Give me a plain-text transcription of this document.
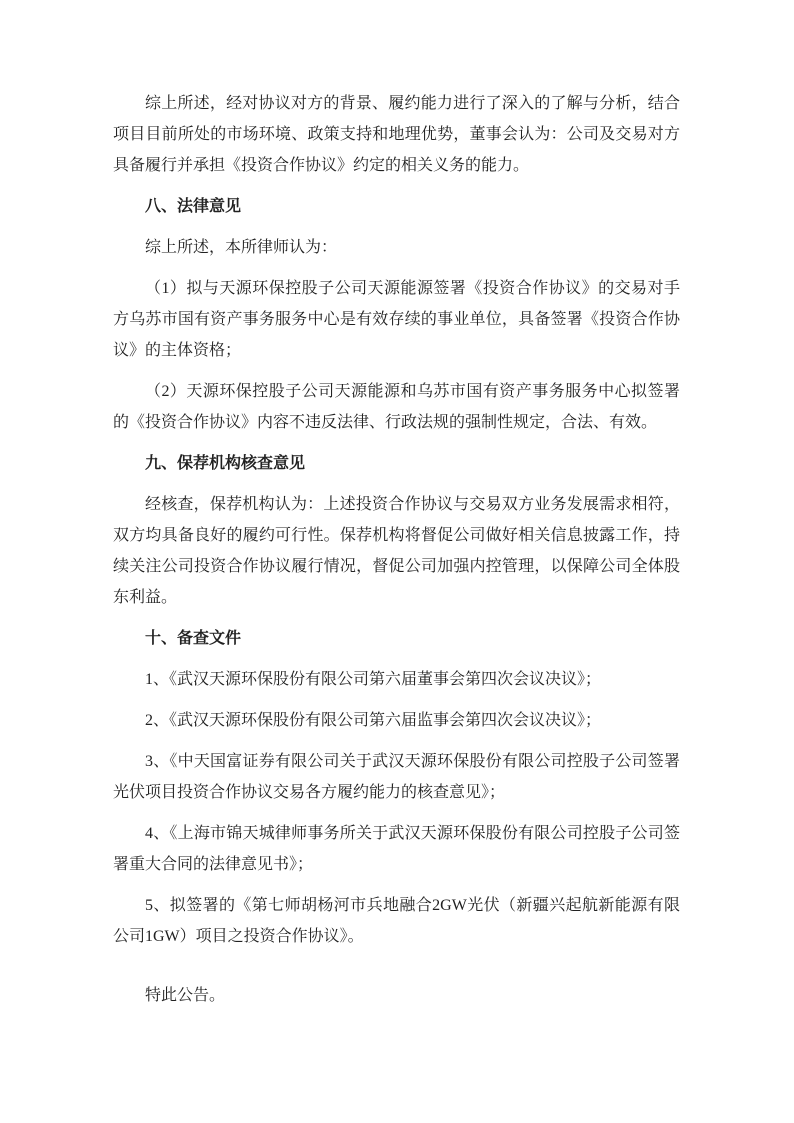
综上所述，经对协议对方的背景、履约能力进行了深入的了解与分析，结合项目目前所处的市场环境、政策支持和地理优势，董事会认为：公司及交易对方具备履行并承担《投资合作协议》约定的相关义务的能力。

八、法律意见

综上所述，本所律师认为：

（1）拟与天源环保控股子公司天源能源签署《投资合作协议》的交易对手方乌苏市国有资产事务服务中心是有效存续的事业单位，具备签署《投资合作协议》的主体资格；

（2）天源环保控股子公司天源能源和乌苏市国有资产事务服务中心拟签署的《投资合作协议》内容不违反法律、行政法规的强制性规定，合法、有效。

九、保荐机构核查意见

经核查，保荐机构认为：上述投资合作协议与交易双方业务发展需求相符，双方均具备良好的履约可行性。保荐机构将督促公司做好相关信息披露工作，持续关注公司投资合作协议履行情况，督促公司加强内控管理，以保障公司全体股东利益。

十、备查文件

1、《武汉天源环保股份有限公司第六届董事会第四次会议决议》；

2、《武汉天源环保股份有限公司第六届监事会第四次会议决议》；

3、《中天国富证券有限公司关于武汉天源环保股份有限公司控股子公司签署光伏项目投资合作协议交易各方履约能力的核查意见》；

4、《上海市锦天城律师事务所关于武汉天源环保股份有限公司控股子公司签署重大合同的法律意见书》；

5、拟签署的《第七师胡杨河市兵地融合2GW光伏（新疆兴起航新能源有限公司1GW）项目之投资合作协议》。

特此公告。
